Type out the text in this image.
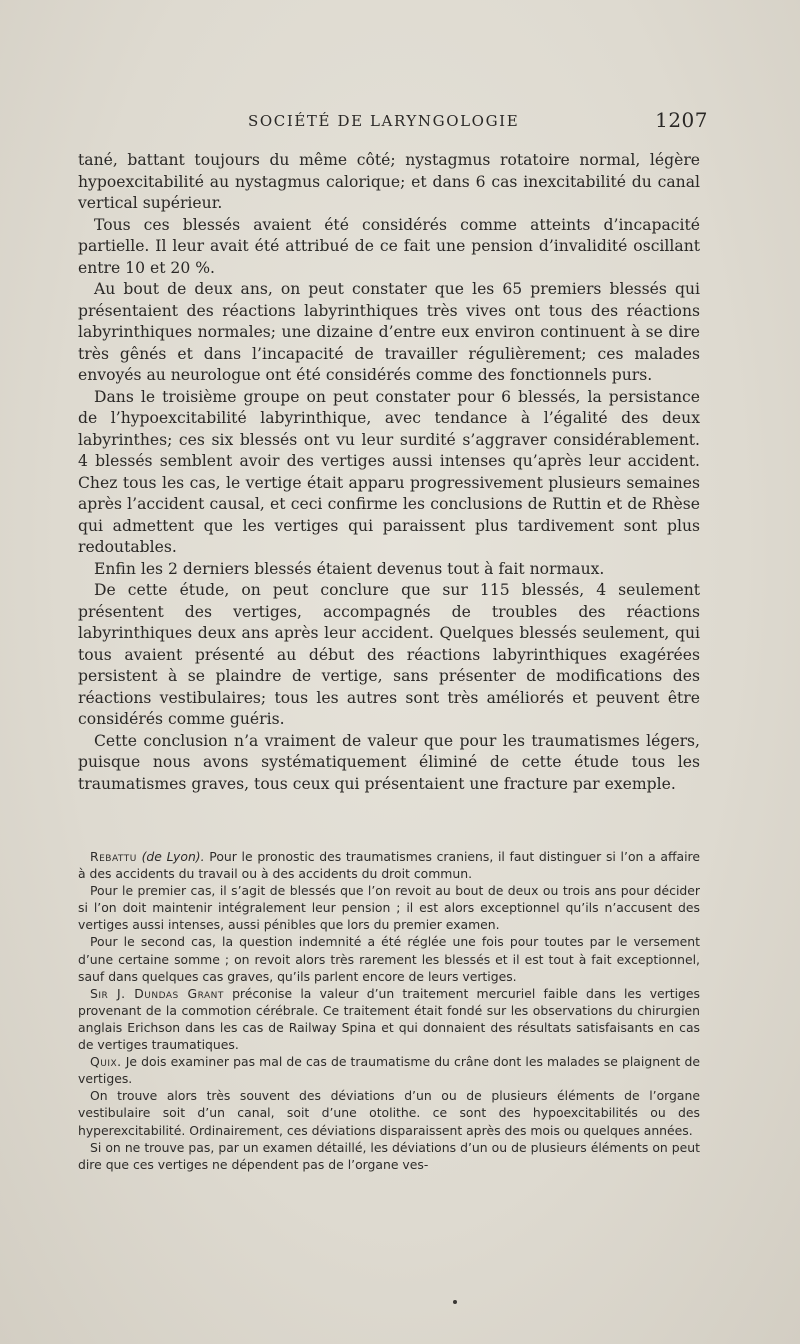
SOCIÉTÉ DE LARYNGOLOGIE	1207

tané, battant toujours du même côté; nystagmus rotatoire normal, légère hypoexcitabilité au nystagmus calorique; et dans 6 cas inexcitabilité du canal vertical supérieur.

Tous ces blessés avaient été considérés comme atteints d’incapacité partielle. Il leur avait été attribué de ce fait une pension d’invalidité oscillant entre 10 et 20 %.

Au bout de deux ans, on peut constater que les 65 premiers blessés qui présentaient des réactions labyrinthiques très vives ont tous des réactions labyrinthiques normales; une dizaine d’entre eux environ continuent à se dire très gênés et dans l’incapacité de travailler régulièrement; ces malades envoyés au neurologue ont été considérés comme des fonctionnels purs.

Dans le troisième groupe on peut constater pour 6 blessés, la persistance de l’hypoexcitabilité labyrinthique, avec tendance à l’égalité des deux labyrinthes; ces six blessés ont vu leur surdité s’aggraver considérablement. 4 blessés semblent avoir des vertiges aussi intenses qu’après leur accident. Chez tous les cas, le vertige était apparu progressivement plusieurs semaines après l’accident causal, et ceci confirme les conclusions de Ruttin et de Rhèse qui admettent que les vertiges qui paraissent plus tardivement sont plus redoutables.

Enfin les 2 derniers blessés étaient devenus tout à fait normaux.

De cette étude, on peut conclure que sur 115 blessés, 4 seulement présentent des vertiges, accompagnés de troubles des réactions labyrinthiques deux ans après leur accident. Quelques blessés seulement, qui tous avaient présenté au début des réactions labyrinthiques exagérées persistent à se plaindre de vertige, sans présenter de modifications des réactions vestibulaires; tous les autres sont très améliorés et peuvent être considérés comme guéris.

Cette conclusion n’a vraiment de valeur que pour les traumatismes légers, puisque nous avons systématiquement éliminé de cette étude tous les traumatismes graves, tous ceux qui présentaient une fracture par exemple.

Rebattu (de Lyon). Pour le pronostic des traumatismes craniens, il faut distinguer si l’on a affaire à des accidents du travail ou à des accidents du droit commun.

Pour le premier cas, il s’agit de blessés que l’on revoit au bout de deux ou trois ans pour décider si l’on doit maintenir intégralement leur pension ; il est alors exceptionnel qu’ils n’accusent des vertiges aussi intenses, aussi pénibles que lors du premier examen.

Pour le second cas, la question indemnité a été réglée une fois pour toutes par le versement d’une certaine somme ; on revoit alors très rarement les blessés et il est tout à fait exceptionnel, sauf dans quelques cas graves, qu’ils parlent encore de leurs vertiges.

Sir J. Dundas Grant préconise la valeur d’un traitement mercuriel faible dans les vertiges provenant de la commotion cérébrale. Ce traitement était fondé sur les observations du chirurgien anglais Erichson dans les cas de Railway Spina et qui donnaient des résultats satisfaisants en cas de vertiges traumatiques.

Quix. Je dois examiner pas mal de cas de traumatisme du crâne dont les malades se plaignent de vertiges.

On trouve alors très souvent des déviations d’un ou de plusieurs éléments de l’organe vestibulaire soit d’un canal, soit d’une otolithe. ce sont des hypoexcitabilités ou des hyperexcitabilité. Ordinairement, ces déviations disparaissent après des mois ou quelques années.

Si on ne trouve pas, par un examen détaillé, les déviations d’un ou de plusieurs éléments on peut dire que ces vertiges ne dépendent pas de l’organe ves-
